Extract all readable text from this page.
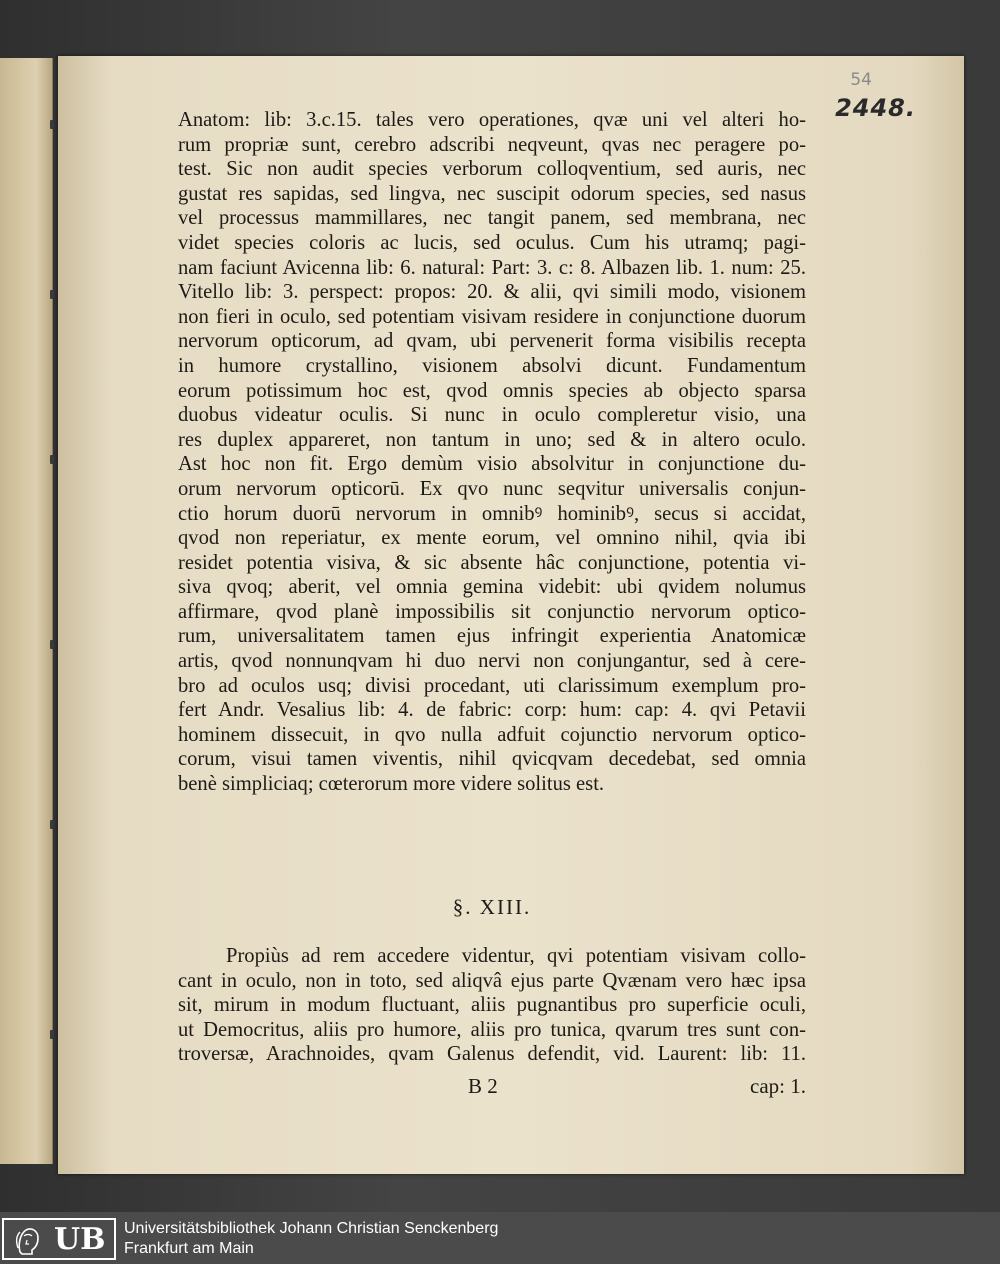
54
2448.
Anatom: lib: 3.c.15. tales vero operationes, qvæ uni vel alteri ho-
rum propriæ sunt, cerebro adscribi neqveunt, qvas nec peragere po-
test. Sic non audit species verborum colloqventium, sed auris, nec
gustat res sapidas, sed lingva, nec suscipit odorum species, sed nasus
vel processus mammillares, nec tangit panem, sed membrana, nec
videt species coloris ac lucis, sed oculus. Cum his utramq; pagi-
nam faciunt Avicenna lib: 6. natural: Part: 3. c: 8. Albazen lib. 1. num: 25.
Vitello lib: 3. perspect: propos: 20. & alii, qvi simili modo, visionem
non fieri in oculo, sed potentiam visivam residere in conjunctione duorum
nervorum opticorum, ad qvam, ubi pervenerit forma visibilis recepta
in humore crystallino, visionem absolvi dicunt. Fundamentum
eorum potissimum hoc est, qvod omnis species ab objecto sparsa
duobus videatur oculis. Si nunc in oculo compleretur visio, una
res duplex appareret, non tantum in uno; sed & in altero oculo.
Ast hoc non fit. Ergo demùm visio absolvitur in conjunctione du-
orum nervorum opticorū. Ex qvo nunc seqvitur universalis conjun-
ctio horum duorū nervorum in omnibꝰ hominibꝰ, secus si accidat,
qvod non reperiatur, ex mente eorum, vel omnino nihil, qvia ibi
residet potentia visiva, & sic absente hâc conjunctione, potentia vi-
siva qvoq; aberit, vel omnia gemina videbit: ubi qvidem nolumus
affirmare, qvod planè impossibilis sit conjunctio nervorum optico-
rum, universalitatem tamen ejus infringit experientia Anatomicæ
artis, qvod nonnunqvam hi duo nervi non conjungantur, sed à cere-
bro ad oculos usq; divisi procedant, uti clarissimum exemplum pro-
fert Andr. Vesalius lib: 4. de fabric: corp: hum: cap: 4. qvi Petavii
hominem dissecuit, in qvo nulla adfuit cojunctio nervorum optico-
corum, visui tamen viventis, nihil qvicqvam decedebat, sed omnia
benè simpliciaq; cœterorum more videre solitus est.
§. XIII.
Propiùs ad rem accedere videntur, qvi potentiam visivam collo-
cant in oculo, non in toto, sed aliqvâ ejus parte Qvænam vero hæc ipsa
sit, mirum in modum fluctuant, aliis pugnantibus pro superficie oculi,
ut Democritus, aliis pro humore, aliis pro tunica, qvarum tres sunt con-
troversæ, Arachnoides, qvam Galenus defendit, vid. Laurent: lib: 11.
B 2	cap: 1.
UB Universitätsbibliothek Johann Christian Senckenberg
Frankfurt am Main
